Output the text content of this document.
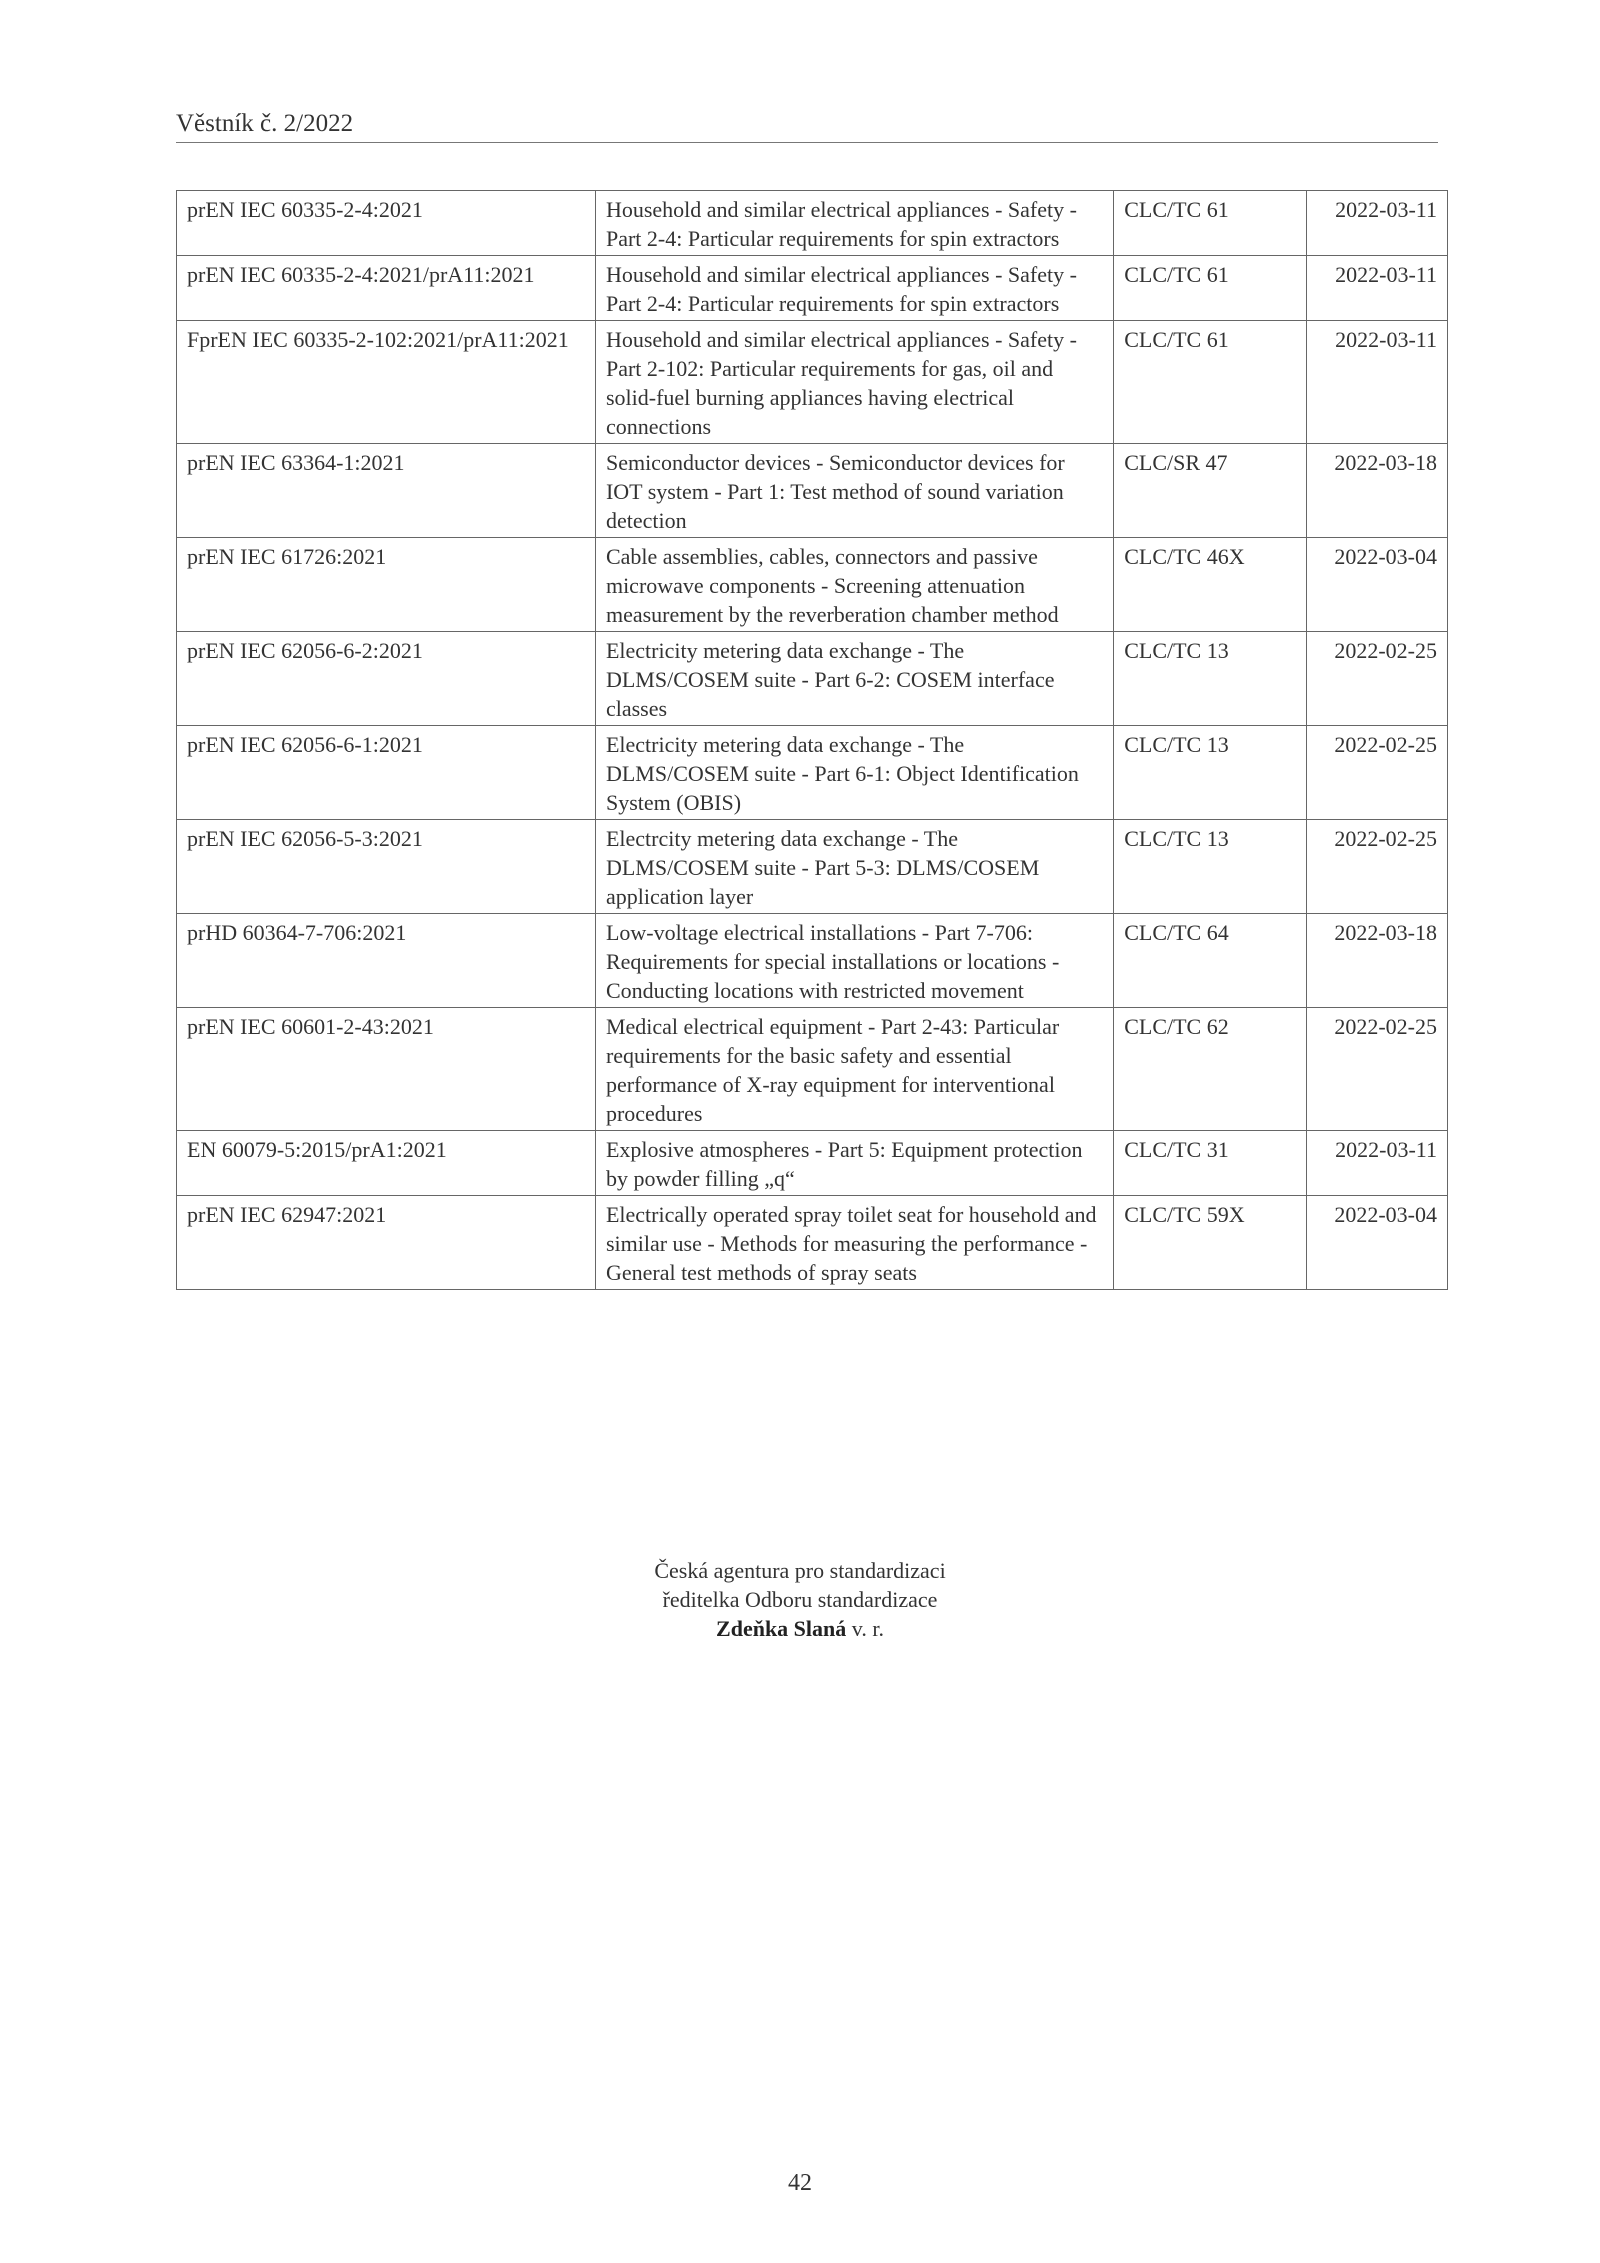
Věstník č. 2/2022
prEN IEC 60335-2-4:2021	Household and similar electrical appliances - Safety - Part 2-4: Particular requirements for spin extractors	CLC/TC 61	2022-03-11
prEN IEC 60335-2-4:2021/prA11:2021	Household and similar electrical appliances - Safety - Part 2-4: Particular requirements for spin extractors	CLC/TC 61	2022-03-11
FprEN IEC 60335-2-102:2021/prA11:2021	Household and similar electrical appliances - Safety - Part 2-102: Particular requirements for gas, oil and solid-fuel burning appliances having electrical connections	CLC/TC 61	2022-03-11
prEN IEC 63364-1:2021	Semiconductor devices - Semiconductor devices for IOT system - Part 1: Test method of sound variation detection	CLC/SR 47	2022-03-18
prEN IEC 61726:2021	Cable assemblies, cables, connectors and passive microwave components - Screening attenuation measurement by the reverberation chamber method	CLC/TC 46X	2022-03-04
prEN IEC 62056-6-2:2021	Electricity metering data exchange - The DLMS/COSEM suite - Part 6-2: COSEM interface classes	CLC/TC 13	2022-02-25
prEN IEC 62056-6-1:2021	Electricity metering data exchange - The DLMS/COSEM suite - Part 6-1: Object Identification System (OBIS)	CLC/TC 13	2022-02-25
prEN IEC 62056-5-3:2021	Electrcity metering data exchange - The DLMS/COSEM suite - Part 5-3: DLMS/COSEM application layer	CLC/TC 13	2022-02-25
prHD 60364-7-706:2021	Low-voltage electrical installations - Part 7-706: Requirements for special installations or locations - Conducting locations with restricted movement	CLC/TC 64	2022-03-18
prEN IEC 60601-2-43:2021	Medical electrical equipment - Part 2-43: Particular requirements for the basic safety and essential performance of X-ray equipment for interventional procedures	CLC/TC 62	2022-02-25
EN 60079-5:2015/prA1:2021	Explosive atmospheres - Part 5: Equipment protection by powder filling „q“	CLC/TC 31	2022-03-11
prEN IEC 62947:2021	Electrically operated spray toilet seat for household and similar use - Methods for measuring the performance - General test methods of spray seats	CLC/TC 59X	2022-03-04
Česká agentura pro standardizaci
ředitelka Odboru standardizace
Zdeňka Slaná v. r.
42
